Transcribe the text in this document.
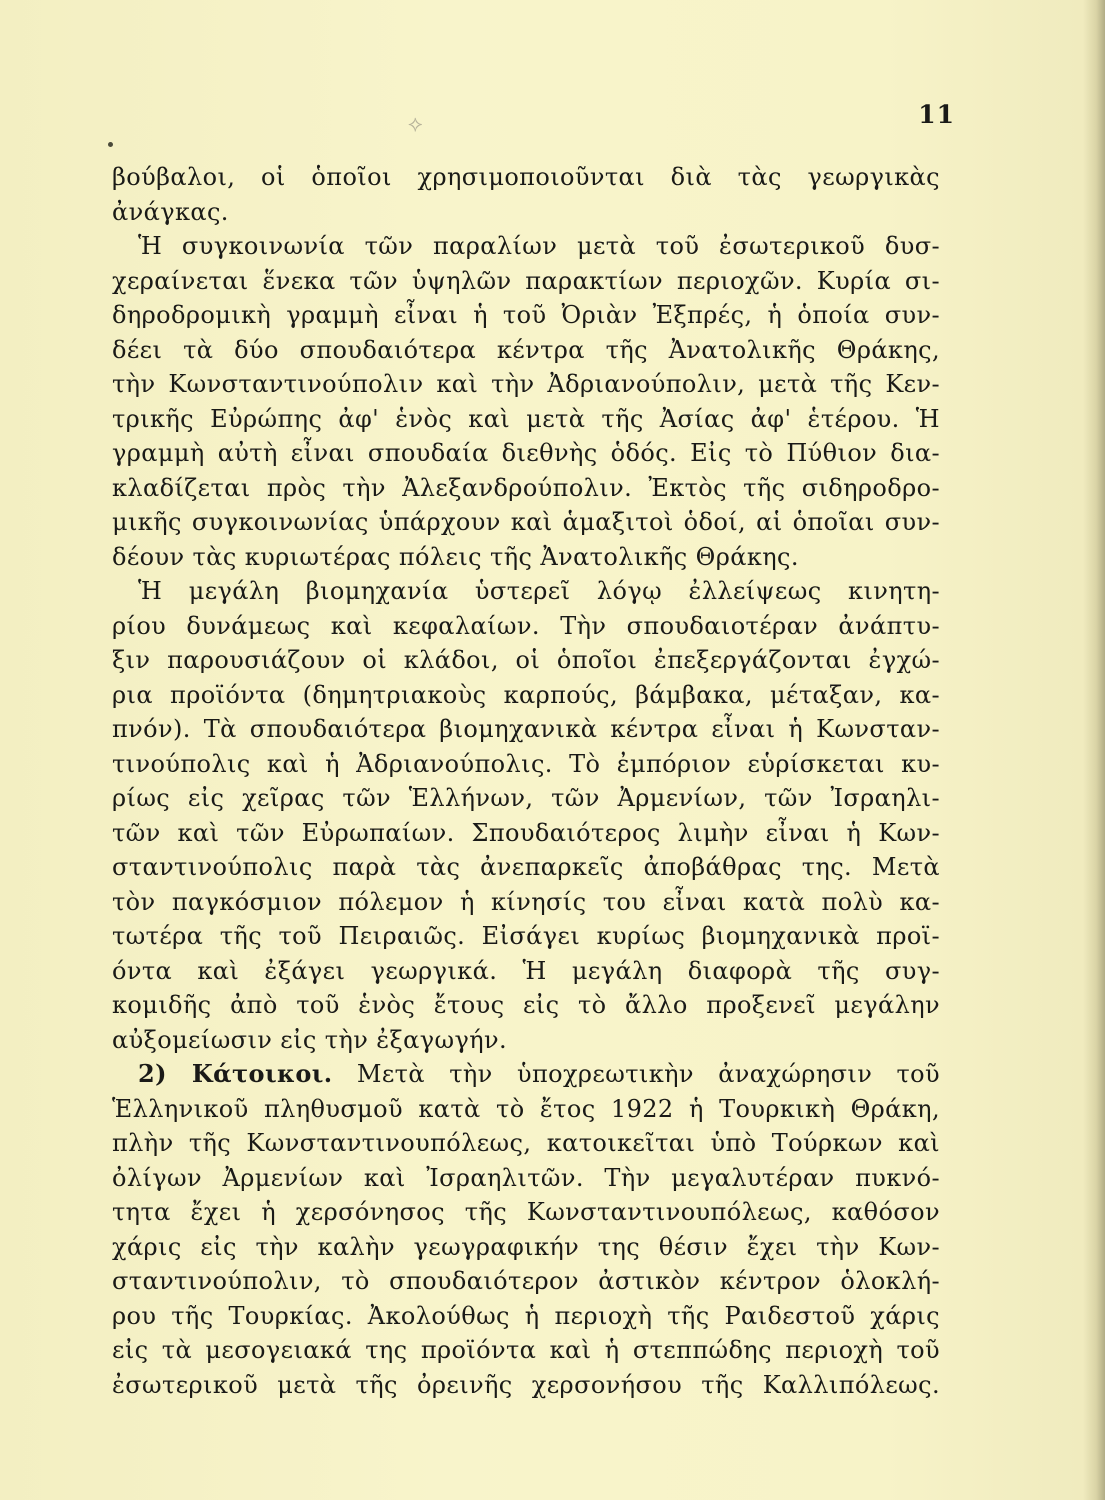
⟡	11
βούβαλοι, οἱ ὁποῖοι χρησιμοποιοῦνται διὰ τὰς γεωργικὰς
ἀνάγκας.
Ἡ συγκοινωνία τῶν παραλίων μετὰ τοῦ ἐσωτερικοῦ δυσ-
χεραίνεται ἕνεκα τῶν ὑψηλῶν παρακτίων περιοχῶν. Κυρία σι-
δηροδρομικὴ γραμμὴ εἶναι ἡ τοῦ Ὀριὰν Ἐξπρές, ἡ ὁποία συν-
δέει τὰ δύο σπουδαιότερα κέντρα τῆς Ἀνατολικῆς Θράκης,
τὴν Κωνσταντινούπολιν καὶ τὴν Ἀδριανούπολιν, μετὰ τῆς Κεν-
τρικῆς Εὐρώπης ἀφ' ἑνὸς καὶ μετὰ τῆς Ἀσίας ἀφ' ἑτέρου. Ἡ
γραμμὴ αὐτὴ εἶναι σπουδαία διεθνὴς ὁδός. Εἰς τὸ Πύθιον δια-
κλαδίζεται πρὸς τὴν Ἀλεξανδρούπολιν. Ἐκτὸς τῆς σιδηροδρο-
μικῆς συγκοινωνίας ὑπάρχουν καὶ ἁμαξιτοὶ ὁδοί, αἱ ὁποῖαι συν-
δέουν τὰς κυριωτέρας πόλεις τῆς Ἀνατολικῆς Θράκης.
Ἡ μεγάλη βιομηχανία ὑστερεῖ λόγῳ ἐλλείψεως κινητη-
ρίου δυνάμεως καὶ κεφαλαίων. Τὴν σπουδαιοτέραν ἀνάπτυ-
ξιν παρουσιάζουν οἱ κλάδοι, οἱ ὁποῖοι ἐπεξεργάζονται ἐγχώ-
ρια προϊόντα (δημητριακοὺς καρπούς, βάμβακα, μέταξαν, κα-
πνόν). Τὰ σπουδαιότερα βιομηχανικὰ κέντρα εἶναι ἡ Κωνσταν-
τινούπολις καὶ ἡ Ἀδριανούπολις. Τὸ ἐμπόριον εὑρίσκεται κυ-
ρίως εἰς χεῖρας τῶν Ἑλλήνων, τῶν Ἀρμενίων, τῶν Ἰσραηλι-
τῶν καὶ τῶν Εὐρωπαίων. Σπουδαιότερος λιμὴν εἶναι ἡ Κων-
σταντινούπολις παρὰ τὰς ἀνεπαρκεῖς ἀποβάθρας της. Μετὰ
τὸν παγκόσμιον πόλεμον ἡ κίνησίς του εἶναι κατὰ πολὺ κα-
τωτέρα τῆς τοῦ Πειραιῶς. Εἰσάγει κυρίως βιομηχανικὰ προϊ-
όντα καὶ ἐξάγει γεωργικά. Ἡ μεγάλη διαφορὰ τῆς συγ-
κομιδῆς ἀπὸ τοῦ ἑνὸς ἔτους εἰς τὸ ἄλλο προξενεῖ μεγάλην
αὐξομείωσιν εἰς τὴν ἐξαγωγήν.
2) Κάτοικοι. Μετὰ τὴν ὑποχρεωτικὴν ἀναχώρησιν τοῦ
Ἑλληνικοῦ πληθυσμοῦ κατὰ τὸ ἔτος 1922 ἡ Τουρκικὴ Θράκη,
πλὴν τῆς Κωνσταντινουπόλεως, κατοικεῖται ὑπὸ Τούρκων καὶ
ὀλίγων Ἀρμενίων καὶ Ἰσραηλιτῶν. Τὴν μεγαλυτέραν πυκνό-
τητα ἔχει ἡ χερσόνησος τῆς Κωνσταντινουπόλεως, καθόσον
χάρις εἰς τὴν καλὴν γεωγραφικήν της θέσιν ἔχει τὴν Κων-
σταντινούπολιν, τὸ σπουδαιότερον ἀστικὸν κέντρον ὁλοκλή-
ρου τῆς Τουρκίας. Ἀκολούθως ἡ περιοχὴ τῆς Ραιδεστοῦ χάρις
εἰς τὰ μεσογειακά της προϊόντα καὶ ἡ στεππώδης περιοχὴ τοῦ
ἐσωτερικοῦ μετὰ τῆς ὀρεινῆς χερσονήσου τῆς Καλλιπόλεως.
